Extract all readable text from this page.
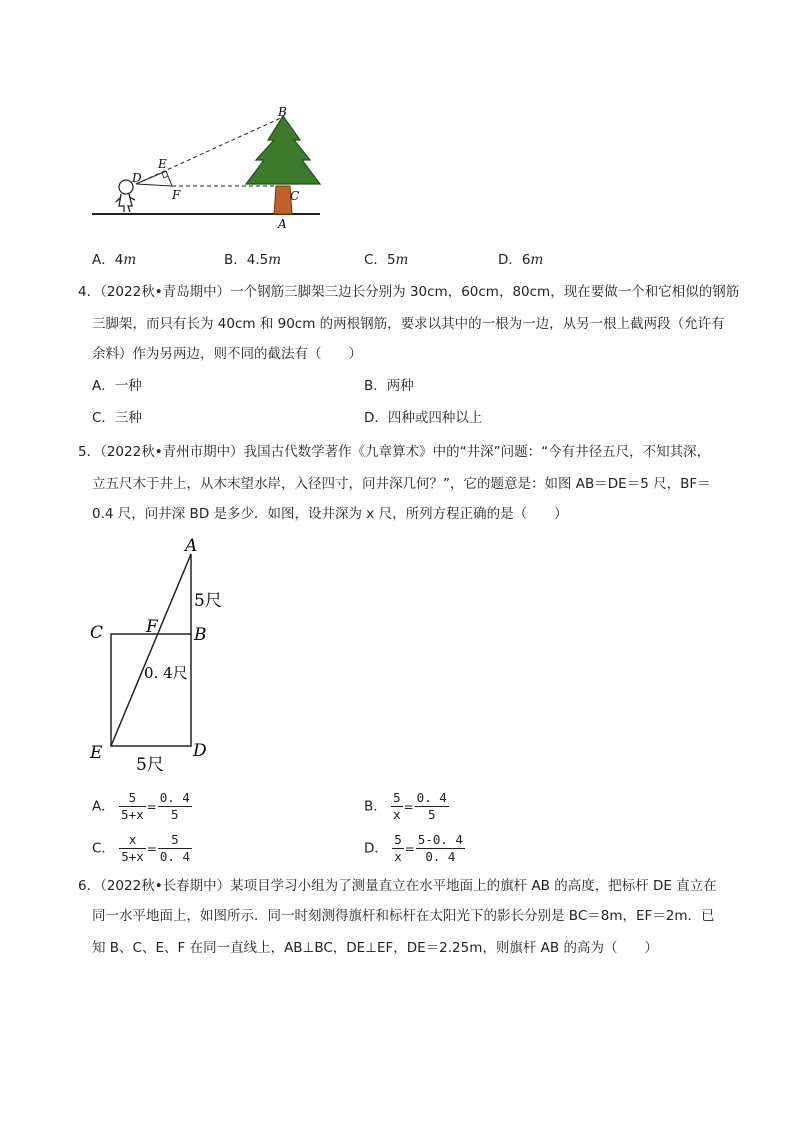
B
E
D
F	C
A
A．4m	B．4.5m	C．5m	D．6m
4．（2022秋•青岛期中）一个钢筋三脚架三边长分别为 30cm，60cm，80cm，现在要做一个和它相似的钢筋
三脚架，而只有长为 40cm 和 90cm 的两根钢筋，要求以其中的一根为一边，从另一根上截两段（允许有
余料）作为另两边，则不同的截法有（　　）
A．一种	B．两种
C．三种	D．四种或四种以上
5．（2022秋•青州市期中）我国古代数学著作《九章算术》中的“井深”问题：“今有井径五尺，不知其深，
立五尺木于井上，从木末望水岸，入径四寸，问井深几何？”，它的题意是：如图 AB＝DE＝5 尺，BF＝
0.4 尺，问井深 BD 是多少．如图，设井深为 x 尺，所列方程正确的是（　　）
A
C	F B
E	D
5尺
0. 4尺
5尺
A． $\frac{5}{5+x} = \frac{0. 4}{5}$	B． $\frac{5}{x} = \frac{0. 4}{5}$
C． $\frac{x}{5+x} = \frac{5}{0. 4}$	D． $\frac{5}{x} = \frac{5-0. 4}{0. 4}$
6．（2022秋•长春期中）某项目学习小组为了测量直立在水平地面上的旗杆 AB 的高度，把标杆 DE 直立在
同一水平地面上，如图所示．同一时刻测得旗杆和标杆在太阳光下的影长分别是 BC＝8m，EF＝2m．已
知 B、C、E、F 在同一直线上，AB⊥BC，DE⊥EF，DE＝2.25m，则旗杆 AB 的高为（　　）
